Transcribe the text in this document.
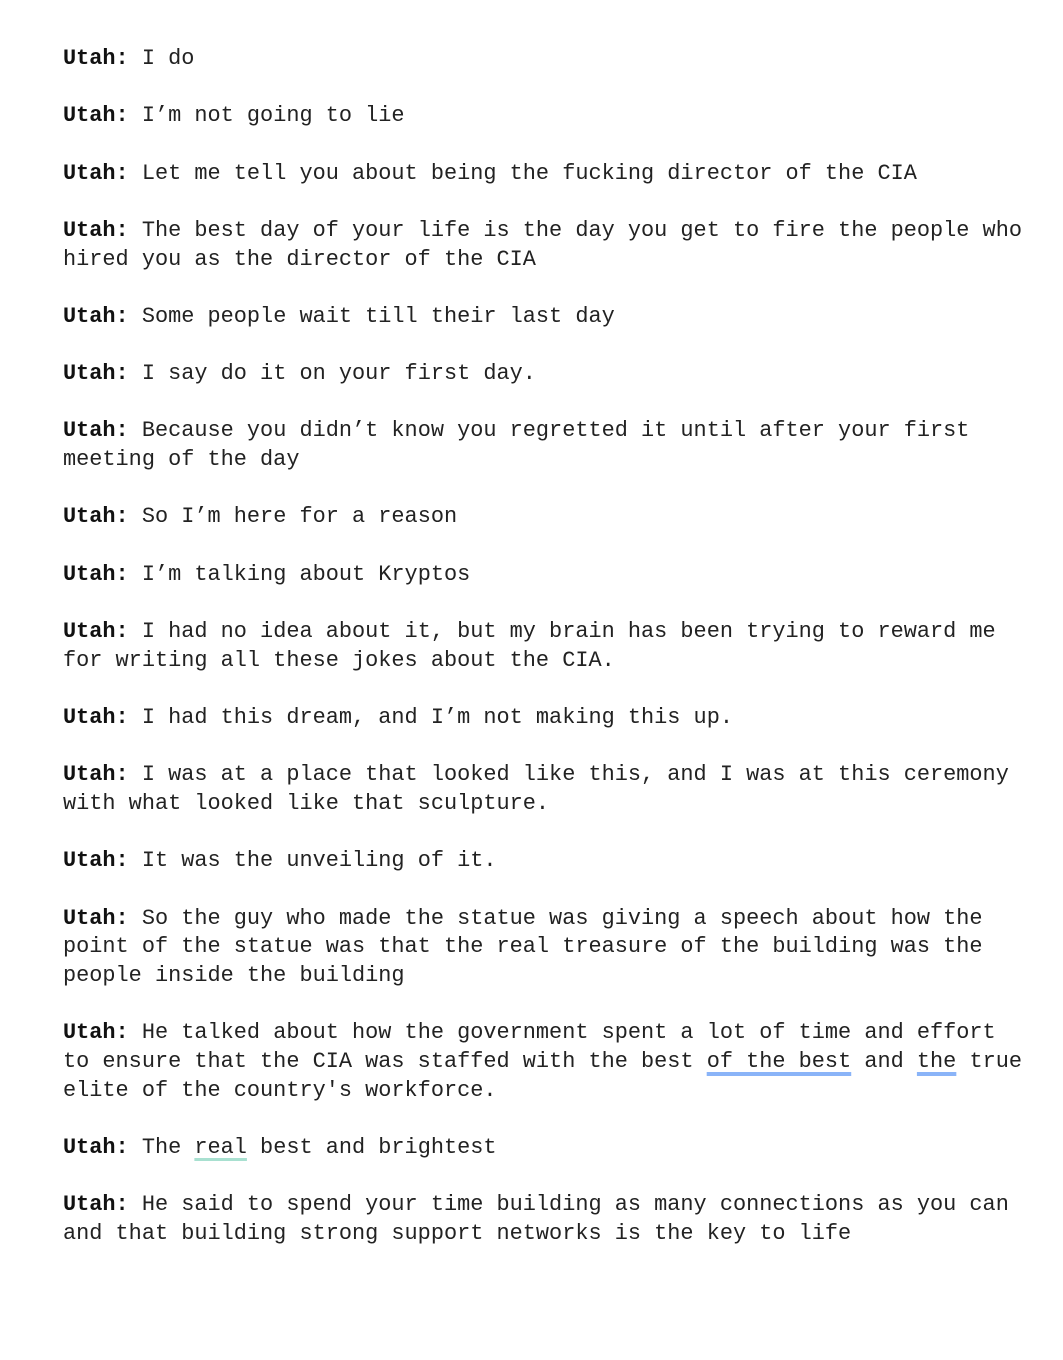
Utah: I do

Utah: I’m not going to lie

Utah: Let me tell you about being the fucking director of the CIA

Utah: The best day of your life is the day you get to fire the people who hired you as the director of the CIA

Utah: Some people wait till their last day

Utah: I say do it on your first day.

Utah: Because you didn’t know you regretted it until after your first meeting of the day

Utah: So I’m here for a reason

Utah: I’m talking about Kryptos

Utah: I had no idea about it, but my brain has been trying to reward me for writing all these jokes about the CIA.

Utah: I had this dream, and I’m not making this up.

Utah: I was at a place that looked like this, and I was at this ceremony with what looked like that sculpture.

Utah: It was the unveiling of it.

Utah: So the guy who made the statue was giving a speech about how the point of the statue was that the real treasure of the building was the people inside the building

Utah: He talked about how the government spent a lot of time and effort to ensure that the CIA was staffed with the best of the best and the true elite of the country's workforce.

Utah: The real best and brightest

Utah: He said to spend your time building as many connections as you can and that building strong support networks is the key to life
